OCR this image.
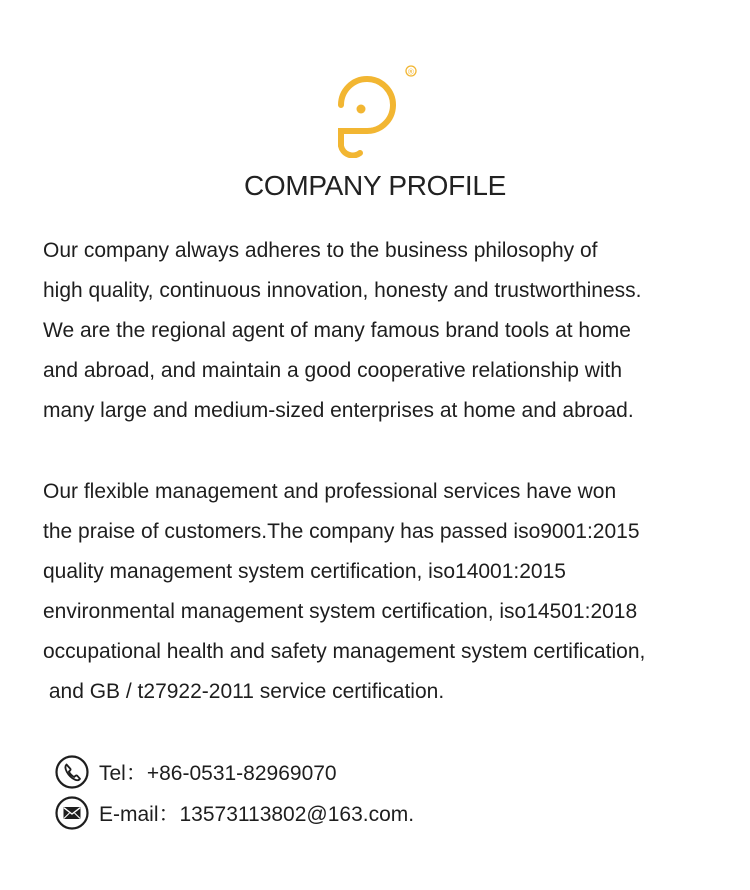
®
COMPANY PROFILE

Our company always adheres to the business philosophy of
high quality, continuous innovation, honesty and trustworthiness.
We are the regional agent of many famous brand tools at home
and abroad, and maintain a good cooperative relationship with
many large and medium-sized enterprises at home and abroad.

Our flexible management and professional services have won
the praise of customers.The company has passed iso9001:2015
quality management system certification, iso14001:2015
environmental management system certification, iso14501:2018
occupational health and safety management system certification,
and GB / t27922-2011 service certification.

Tel：+86-0531-82969070
E-mail：13573113802@163.com.
